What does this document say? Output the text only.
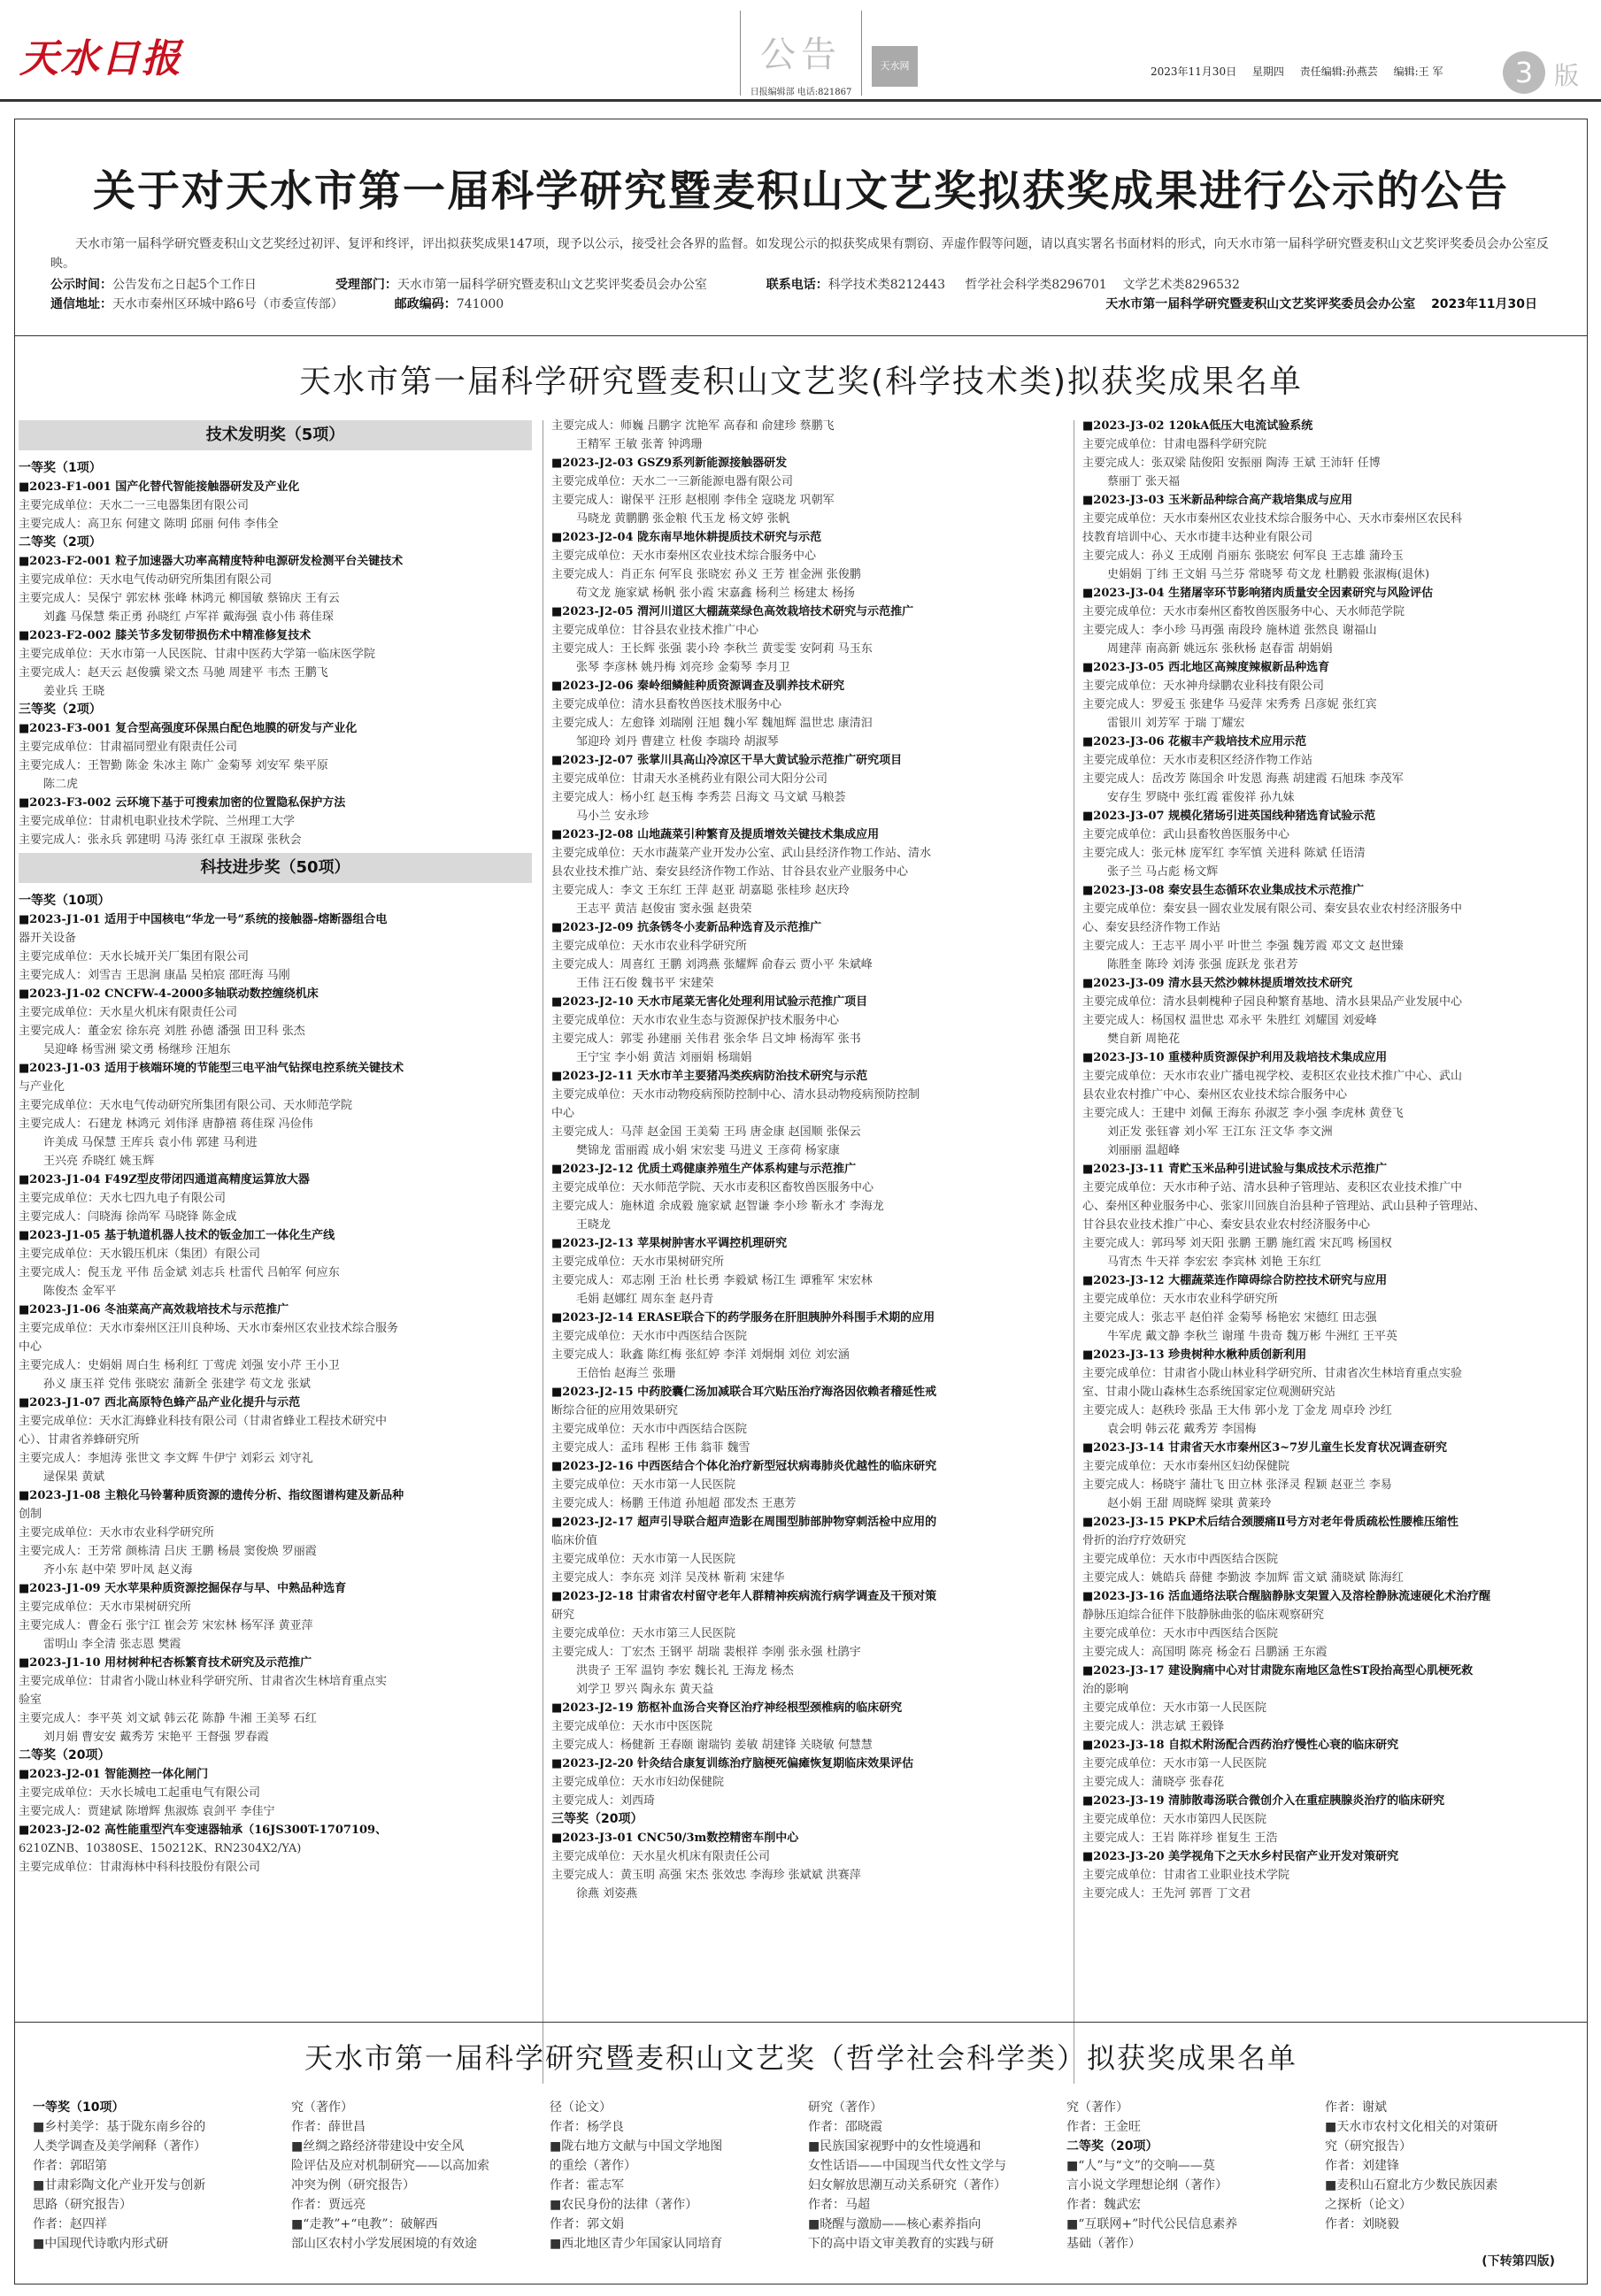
天水日报	公告
日报编辑部 电话:821867
天水网	2023年11月30日 星期四 责任编辑:孙燕芸 编辑:王 军	3 版
关于对天水市第一届科学研究暨麦积山文艺奖拟获奖成果进行公示的公告
天水市第一届科学研究暨麦积山文艺奖经过初评、复评和终评，评出拟获奖成果147项，现予以公示，接受社会各界的监督。如发现公示的拟获奖成果有剽窃、弄虚作假等问题，请以真实署名书面材料的形式，向天水市第一届科学研究暨麦积山文艺奖评奖委员会办公室反映。
公示时间：公告发布之日起5个工作日	受理部门：天水市第一届科学研究暨麦积山文艺奖评奖委员会办公室	联系电话：科学技术类8212443 哲学社会科学类8296701 文学艺术类8296532
通信地址：天水市秦州区环城中路6号（市委宣传部）	邮政编码：741000	天水市第一届科学研究暨麦积山文艺奖评奖委员会办公室 2023年11月30日
天水市第一届科学研究暨麦积山文艺奖(科学技术类)拟获奖成果名单
技术发明奖（5项）
一等奖（1项）
■2023-F1-001 国产化替代智能接触器研发及产业化
主要完成单位：天水二一三电器集团有限公司
主要完成人：高卫东 何建文 陈明 邱丽 何伟 李伟全
二等奖（2项）
■2023-F2-001 粒子加速器大功率高精度特种电源研发检测平台关键技术
主要完成单位：天水电气传动研究所集团有限公司
主要完成人：吴保宁 郭宏林 张峰 林鸿元 柳国敏 蔡锦庆 王有云
刘鑫 马保慧 柴正勇 孙晓红 卢军祥 戴海强 袁小伟 蒋佳琛
■2023-F2-002 膝关节多发韧带损伤术中精准修复技术
主要完成单位：天水市第一人民医院、甘肃中医药大学第一临床医学院
主要完成人：赵天云 赵俊骥 梁文杰 马驰 周建平 韦杰 王鹏飞
姜业兵 王晓
三等奖（2项）
■2023-F3-001 复合型高强度环保黑白配色地膜的研发与产业化
主要完成单位：甘肃福同塑业有限责任公司
主要完成人：王智勤 陈金 朱冰主 陈广 金菊琴 刘安军 柴平原
陈二虎
■2023-F3-002 云环境下基于可搜索加密的位置隐私保护方法
主要完成单位：甘肃机电职业技术学院、兰州理工大学
主要完成人：张永兵 郭建明 马涛 张红卓 王淑琛 张秋会
科技进步奖（50项）
一等奖（10项）
■2023-J1-01 适用于中国核电“华龙一号”系统的接触器-熔断器组合电
器开关设备
主要完成单位：天水长城开关厂集团有限公司
主要完成人：刘雪吉 王思涧 康晶 吴柏宸 邵旺海 马刚
■2023-J1-02 CNCFW-4-2000多轴联动数控缠绕机床
主要完成单位：天水星火机床有限责任公司
主要完成人：董金宏 徐东亮 刘胜 孙德 潘强 田卫科 张杰
吴迎峰 杨雪洲 梁文勇 杨继珍 汪旭东
■2023-J1-03 适用于核端环境的节能型三电平油气钻探电控系统关键技术
与产业化
主要完成单位：天水电气传动研究所集团有限公司、天水师范学院
主要完成人：石建龙 林鸿元 刘伟泽 唐静禧 蒋佳琛 冯俭伟
许美成 马保慧 王库兵 袁小伟 郭建 马利进
王兴亮 乔晓红 姚玉辉
■2023-J1-04 F49Z型皮带闭四通道高精度运算放大器
主要完成单位：天水七四九电子有限公司
主要完成人：闫晓海 徐尚军 马晓锋 陈金成
■2023-J1-05 基于轨道机器人技术的钣金加工一体化生产线
主要完成单位：天水锻压机床（集团）有限公司
主要完成人：倪玉龙 平伟 岳金斌 刘志兵 杜雷代 吕帕军 何应东
陈俊杰 金军平
■2023-J1-06 冬油菜高产高效栽培技术与示范推广
主要完成单位：天水市秦州区汪川良种场、天水市秦州区农业技术综合服务
中心
主要完成人：史娟娟 周白生 杨利红 丁莺虎 刘强 安小芹 王小卫
孙义 康玉祥 党伟 张晓宏 蒲新全 张建学 苟文龙 张斌
■2023-J1-07 西北高原特色蜂产品产业化提升与示范
主要完成单位：天水汇海蜂业科技有限公司（甘肃省蜂业工程技术研究中
心）、甘肃省养蜂研究所
主要完成人：李旭涛 张世文 李文辉 牛伊宁 刘彩云 刘守礼
逯保果 黄斌
■2023-J1-08 主粮化马铃薯种质资源的遗传分析、指纹图谱构建及新品种
创制
主要完成单位：天水市农业科学研究所
主要完成人：王芳常 颜栋清 吕庆 王鹏 杨晨 窦俊焕 罗丽霞
齐小东 赵中荣 罗叶凤 赵义海
■2023-J1-09 天水苹果种质资源挖掘保存与早、中熟品种选育
主要完成单位：天水市果树研究所
主要完成人：曹金石 张宁江 崔会芳 宋宏林 杨军泽 黄亚萍
雷明山 李全清 张志恩 樊霞
■2023-J1-10 用材树种杞杏栎繁育技术研究及示范推广
主要完成单位：甘肃省小陇山林业科学研究所、甘肃省次生林培育重点实
验室
主要完成人：李平英 刘文斌 韩云花 陈静 牛湘 王美琴 石红
刘月娟 曹安安 戴秀芳 宋艳平 王督强 罗春霞
二等奖（20项）
■2023-J2-01 智能测控一体化闸门
主要完成单位：天水长城电工起重电气有限公司
主要完成人：贾建斌 陈增辉 焦淑炼 袁剑平 李佳宁
■2023-J2-02 高性能重型汽车变速器轴承（16JS300T-1707109、
6210ZNB、10380SE、150212K、RN2304X2/YA)
主要完成单位：甘肃海林中科科技股份有限公司
主要完成人：师巍 吕鹏字 沈艳军 高春和 俞建珍 蔡鹏飞
王精军 王敏 张菁 钟鸿珊
■2023-J2-03 GSZ9系列新能源接触器研发
主要完成单位：天水二一三新能源电器有限公司
主要完成人：谢保平 汪形 赵根刚 李伟全 寇晓龙 巩朝军
马晓龙 黄鹏鹏 张金粮 代玉龙 杨文婷 张帆
■2023-J2-04 陇东南早地休耕提质技术研究与示范
主要完成单位：天水市秦州区农业技术综合服务中心
主要完成人：肖正东 何军良 张晓宏 孙义 王芳 崔金洲 张俊鹏
苟文龙 施家斌 杨帆 张小霞 宋嘉鑫 杨利兰 杨建太 杨扬
■2023-J2-05 渭河川道区大棚蔬菜绿色高效栽培技术研究与示范推广
主要完成单位：甘谷县农业技术推广中心
主要完成人：王长辉 张强 裴小玲 李秋兰 黄雯雯 安阿莉 马玉东
张琴 李彦林 姚丹梅 刘亮珍 金菊琴 李月卫
■2023-J2-06 秦岭细鳞鲑种质资源调查及驯养技术研究
主要完成单位：清水县畜牧兽医技术服务中心
主要完成人：左愈锋 刘瑞刚 汪旭 魏小军 魏旭辉 温世忠 康清汩
邹迎玲 刘丹 曹建立 杜俊 李瑞玲 胡淑琴
■2023-J2-07 张掌川具高山冷凉区干旱大黄试验示范推广研究项目
主要完成单位：甘肃天水圣桃药业有限公司大阳分公司
主要完成人：杨小红 赵玉梅 李秀芸 吕海文 马文斌 马粮荟
马小兰 安永珍
■2023-J2-08 山地蔬菜引种繁育及提质增效关键技术集成应用
主要完成单位：天水市蔬菜产业开发办公室、武山县经济作物工作站、清水
县农业技术推广站、秦安县经济作物工作站、甘谷县农业产业服务中心
主要完成人：李文 王东红 王萍 赵亚 胡嘉聪 张桂珍 赵庆玲
王志平 黄洁 赵俊宙 窦永强 赵贵荣
■2023-J2-09 抗条锈冬小麦新品种选育及示范推广
主要完成单位：天水市农业科学研究所
主要完成人：周喜红 王鹏 刘鸿燕 张耀辉 俞春云 贾小平 朱斌峰
王伟 汪石俊 魏书平 宋建荣
■2023-J2-10 天水市尾菜无害化处理利用试验示范推广项目
主要完成单位：天水市农业生态与资源保护技术服务中心
主要完成人：郭雯 孙建丽 关伟君 张余华 吕文坤 杨海军 张书
王宁宝 李小娟 黄洁 刘丽娟 杨瑞娟
■2023-J2-11 天水市羊主要猪冯类疾病防治技术研究与示范
主要完成单位：天水市动物疫病预防控制中心、清水县动物疫病预防控制
中心
主要完成人：马萍 赵金国 王美菊 王玛 唐金康 赵国顺 张保云
樊锦龙 雷丽霞 成小娟 宋宏斐 马进义 王彦荷 杨家康
■2023-J2-12 优质土鸡健康养殖生产体系构建与示范推广
主要完成单位：天水师范学院、天水市麦积区畜牧兽医服务中心
主要完成人：施林道 余成毅 施家斌 赵智谦 李小珍 靳永才 李海龙
王晓龙
■2023-J2-13 苹果树肿害水平调控机理研究
主要完成单位：天水市果树研究所
主要完成人：邓志刚 王治 杜长勇 李毅斌 杨江生 谭雅军 宋宏林
毛娟 赵娜红 周东奎 赵丹青
■2023-J2-14 ERASE联合下的药学服务在肝胆胰肿外科围手术期的应用
主要完成单位：天水市中西医结合医院
主要完成人：耿鑫 陈红梅 张紅婷 李洋 刘炯炯 刘位 刘宏涵
王倍怡 赵海兰 张珊
■2023-J2-15 中药胶囊仁汤加减联合耳穴贴压治疗海洛因依赖者稽延性戒
断综合征的应用效果研究
主要完成单位：天水市中西医结合医院
主要完成人：孟玮 程彬 王伟 翁菲 魏雪
■2023-J2-16 中西医结合个体化治疗新型冠状病毒肺炎优越性的临床研究
主要完成单位：天水市第一人民医院
主要完成人：杨鹏 王伟道 孙旭超 邵发杰 王惠芳
■2023-J2-17 超声引导联合超声造影在周围型肺部肿物穿刺活检中应用的
临床价值
主要完成单位：天水市第一人民医院
主要完成人：李东亮 刘洋 吴茂林 靳莉 宋建华
■2023-J2-18 甘肃省农村留守老年人群精神疾病流行病学调查及干预对策
研究
主要完成单位：天水市第三人民医院
主要完成人：丁宏杰 王钢平 胡瑞 裴根祥 李刚 张永强 杜鹃宇
洪贵子 王军 温钧 李宏 魏长礼 王海龙 杨杰
刘学卫 罗兴 陶永东 黄天益
■2023-J2-19 筋枢补血汤合夹脊区治疗神经根型颈椎病的临床研究
主要完成单位：天水市中医医院
主要完成人：杨健新 王春颐 谢瑞钧 姜敏 胡建锋 关晓敏 何慧慧
■2023-J2-20 针灸结合康复训练治疗脑梗死偏瘫恢复期临床效果评估
主要完成单位：天水市妇幼保健院
主要完成人：刘西琦
三等奖（20项）
■2023-J3-01 CNC50/3m数控精密车削中心
主要完成单位：天水星火机床有限责任公司
主要完成人：黄玉明 高强 宋杰 张效忠 李海珍 张斌斌 洪赛萍
徐燕 刘姿燕
■2023-J3-02 120kA低压大电流试验系统
主要完成单位：甘肃电器科学研究院
主要完成人：张双梁 陆俊阳 安振丽 陶涛 王斌 王沛轩 任博
蔡丽丁 张天福
■2023-J3-03 玉米新品种综合高产栽培集成与应用
主要完成单位：天水市秦州区农业技术综合服务中心、天水市秦州区农民科
技教育培训中心、天水市捷丰达种业有限公司
主要完成人：孙义 王成刚 肖丽东 张晓宏 何军良 王志雄 蒲玲玉
史娟娟 丁纬 王文娟 马兰芬 常晓琴 苟文龙 杜鹏毅 张淑梅(退休)
■2023-J3-04 生猪屠宰环节影响猪肉质量安全因素研究与风险评估
主要完成单位：天水市秦州区畜牧兽医服务中心、天水师范学院
主要完成人：李小珍 马再强 南段玲 施林道 张然良 谢福山
周建萍 南高新 姚远东 张秋杨 赵春雷 胡娟娟
■2023-J3-05 西北地区高辣度辣椒新品种选育
主要完成单位：天水神舟绿鹏农业科技有限公司
主要完成人：罗爱玉 张建华 马爱萍 宋秀秀 吕彦妮 张红宾
雷银川 刘芳军 于瑞 丁耀宏
■2023-J3-06 花椒丰产栽培技术应用示范
主要完成单位：天水市麦积区经济作物工作站
主要完成人：岳改芳 陈国余 叶发恩 海燕 胡建霞 石旭珠 李茂军
安存生 罗晓中 张红霞 霍俊祥 孙九妹
■2023-J3-07 规模化猪场引进英国线种猪选育试验示范
主要完成单位：武山县畜牧兽医服务中心
主要完成人：张元林 庞军红 李军慎 关进科 陈斌 任语清
张子兰 马占彪 杨文辉
■2023-J3-08 秦安县生态循环农业集成技术示范推广
主要完成单位：秦安县一圆农业发展有限公司、秦安县农业农村经济服务中
心、秦安县经济作物工作站
主要完成人：王志平 周小平 叶世兰 李强 魏芳霞 邓文文 赵世臻
陈胜奎 陈玲 刘涛 张强 庞跃龙 张君芳
■2023-J3-09 清水县天然沙棘林提质增效技术研究
主要完成单位：清水县刺槐种子园良种繁育基地、清水县果品产业发展中心
主要完成人：杨国权 温世忠 邓永平 朱胜红 刘耀国 刘爱峰
樊自新 周艳花
■2023-J3-10 重楼种质资源保护利用及栽培技术集成应用
主要完成单位：天水市农业广播电视学校、麦积区农业技术推广中心、武山
县农业农村推广中心、秦州区农业技术综合服务中心
主要完成人：王建中 刘佩 王海东 孙淑芝 李小强 李虎林 黄登飞
刘正发 张钰睿 刘小军 王江东 汪文华 李文洲
刘丽丽 温超峰
■2023-J3-11 青贮玉米品种引进试验与集成技术示范推广
主要完成单位：天水市种子站、清水县种子管理站、麦积区农业技术推广中
心、秦州区种业服务中心、张家川回族自治县种子管理站、武山县种子管理站、
甘谷县农业技术推广中心、秦安县农业农村经济服务中心
主要完成人：郭玛琴 刘天阳 张鹏 王鹏 施红霞 宋瓦鸣 杨国权
马宵杰 牛天祥 李宏宏 李宾林 刘艳 王东红
■2023-J3-12 大棚蔬菜连作障碍综合防控技术研究与应用
主要完成单位：天水市农业科学研究所
主要完成人：张志平 赵伯祥 金菊琴 杨艳宏 宋德红 田志强
牛军虎 戴文静 李秋兰 谢瑾 牛贵奇 魏万彬 牛洲红 王平英
■2023-J3-13 珍贵树种水楸种质创新利用
主要完成单位：甘肃省小陇山林业科学研究所、甘肃省次生林培育重点实验
室、甘肃小陇山森林生态系统国家定位观测研究站
主要完成人：赵秩玲 张晶 王大伟 郭小龙 丁金龙 周卓玲 沙红
袁会明 韩云花 戴秀芳 李国梅
■2023-J3-14 甘肃省天水市秦州区3~7岁儿童生长发育状况调查研究
主要完成单位：天水市秦州区妇幼保健院
主要完成人：杨晓宇 蒲壮飞 田立林 张泽灵 程颖 赵亚兰 李易
赵小娟 王甜 周晓辉 梁琪 黄莱玲
■2023-J3-15 PKP术后结合颈腰痛Ⅱ号方对老年骨质疏松性腰椎压缩性
骨折的治疗疗效研究
主要完成单位：天水市中西医结合医院
主要完成人：姚皓兵 薛健 李勤波 李加辉 雷文斌 蒲晓斌 陈海红
■2023-J3-16 活血通络法联合醒脑静脉支架置入及溶栓静脉流速硬化术治疗醒
静脉压迫综合征伴下肢静脉曲张的临床观察研究
主要完成单位：天水市中西医结合医院
主要完成人：高国明 陈亮 杨金石 吕鹏涵 王东霞
■2023-J3-17 建设胸痛中心对甘肃陇东南地区急性ST段抬高型心肌梗死救
治的影响
主要完成单位：天水市第一人民医院
主要完成人：洪志斌 王毅锋
■2023-J3-18 自拟术附汤配合西药治疗慢性心衰的临床研究
主要完成单位：天水市第一人民医院
主要完成人：蒲晓亭 张春花
■2023-J3-19 清肺散毒汤联合微创介入在重症胰腺炎治疗的临床研究
主要完成单位：天水市第四人民医院
主要完成人：王岩 陈祥珍 崔复生 王浩
■2023-J3-20 美学视角下之天水乡村民宿产业开发对策研究
主要完成单位：甘肃省工业职业技术学院
主要完成人：王先河 郭晋 丁文君
天水市第一届科学研究暨麦积山文艺奖（哲学社会科学类）拟获奖成果名单
一等奖（10项）
■乡村美学：基于陇东南乡谷的
人类学调查及美学阐释（著作）
作者：郭昭第
■甘肃彩陶文化产业开发与创新
思路（研究报告）
作者：赵四祥
■中国现代诗歌内形式研
究（著作）
作者：薛世昌
■丝绸之路经济带建设中安全风
险评估及应对机制研究——以高加索
冲突为例（研究报告）
作者：贾远亮
■“走教”+“电教”：破解西
部山区农村小学发展困境的有效途
径（论文）
作者：杨学良
■陇右地方文献与中国文学地图
的重绘（著作）
作者：霍志军
■农民身份的法律（著作）
作者：郭文娟
■西北地区青少年国家认同培育
研究（著作）
作者：邵晓霞
■民族国家视野中的女性境遇和
女性话语——中国现当代女性文学与
妇女解放思潮互动关系研究（著作）
作者：马超
■晓醒与激励——核心素养指向
下的高中语文审美教育的实践与研
究（著作）
作者：王金旺
二等奖（20项）
■“人”与“文”的交响——莫
言小说文学理想论纲（著作）
作者：魏武宏
■“互联网+”时代公民信息素养
基础（著作）
作者：谢斌
■天水市农村文化相关的对策研
究（研究报告）
作者：刘建锋
■麦积山石窟北方少数民族因素
之探析（论文）
作者：刘晓毅
(下转第四版)
